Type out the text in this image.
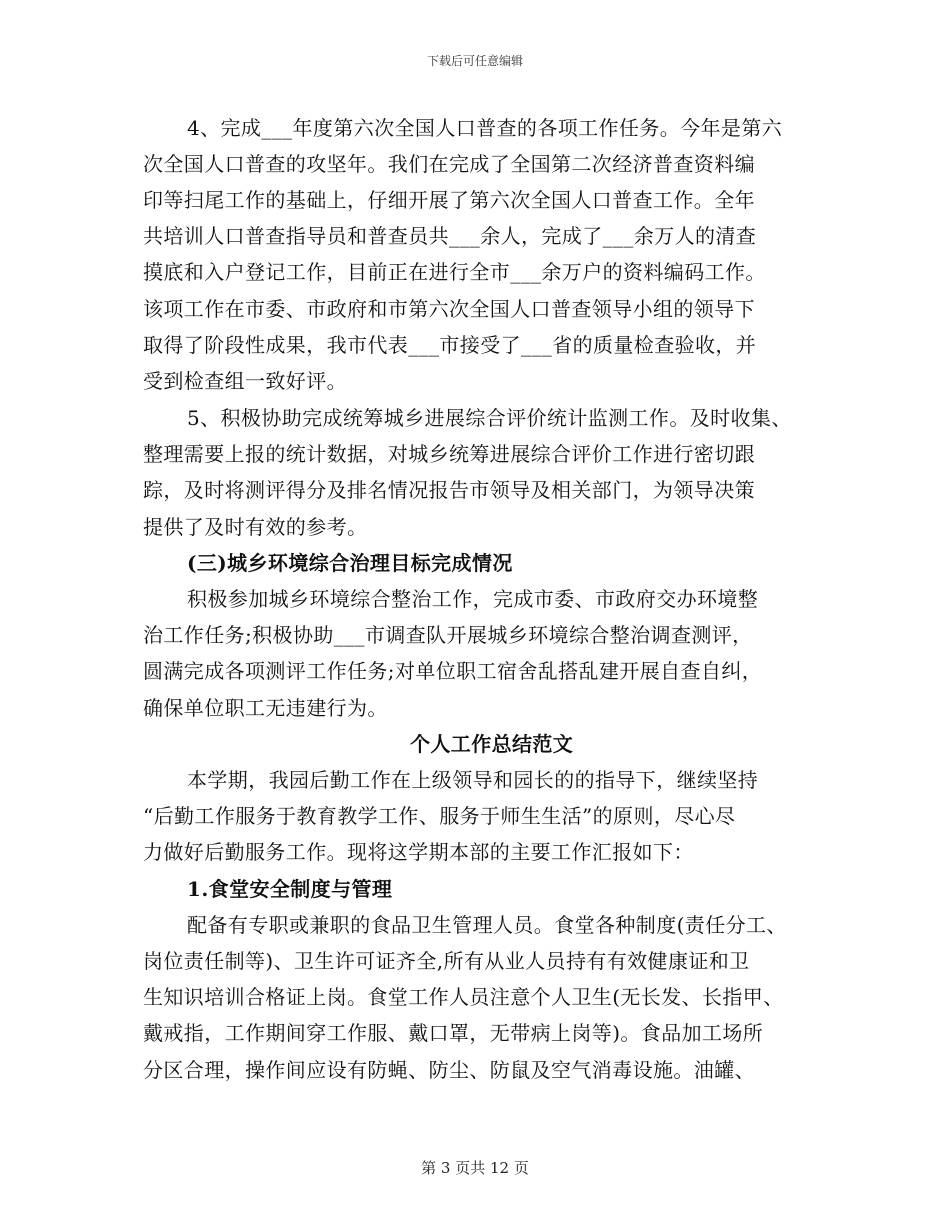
下载后可任意编辑
4、完成___年度第六次全国人口普查的各项工作任务。今年是第六
次全国人口普查的攻坚年。我们在完成了全国第二次经济普查资料编
印等扫尾工作的基础上，仔细开展了第六次全国人口普查工作。全年
共培训人口普查指导员和普查员共___余人，完成了___余万人的清查
摸底和入户登记工作，目前正在进行全市___余万户的资料编码工作。
该项工作在市委、市政府和市第六次全国人口普查领导小组的领导下
取得了阶段性成果，我市代表___市接受了___省的质量检查验收，并
受到检查组一致好评。
5、积极协助完成统筹城乡进展综合评价统计监测工作。及时收集、
整理需要上报的统计数据，对城乡统筹进展综合评价工作进行密切跟
踪，及时将测评得分及排名情况报告市领导及相关部门，为领导决策
提供了及时有效的参考。
(三)城乡环境综合治理目标完成情况
积极参加城乡环境综合整治工作，完成市委、市政府交办环境整
治工作任务;积极协助___市调查队开展城乡环境综合整治调查测评，
圆满完成各项测评工作任务;对单位职工宿舍乱搭乱建开展自查自纠，
确保单位职工无违建行为。
个人工作总结范文
本学期，我园后勤工作在上级领导和园长的的指导下，继续坚持
“后勤工作服务于教育教学工作、服务于师生生活”的原则，尽心尽
力做好后勤服务工作。现将这学期本部的主要工作汇报如下：
1.食堂安全制度与管理
配备有专职或兼职的食品卫生管理人员。食堂各种制度(责任分工、
岗位责任制等)、卫生许可证齐全,所有从业人员持有有效健康证和卫
生知识培训合格证上岗。食堂工作人员注意个人卫生(无长发、长指甲、
戴戒指，工作期间穿工作服、戴口罩，无带病上岗等)。食品加工场所
分区合理，操作间应设有防蝇、防尘、防鼠及空气消毒设施。油罐、
第 3 页共 12 页
